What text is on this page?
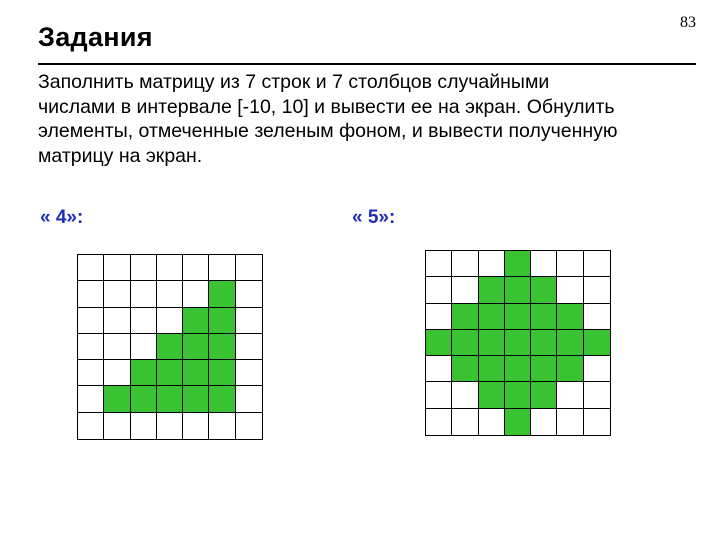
Задания	83
Заполнить матрицу из 7 строк и 7 столбцов случайными
числами в интервале [-10, 10] и вывести ее на экран. Обнулить
элементы, отмеченные зеленым фоном, и вывести полученную
матрицу на экран.
« 4»:	« 5»:
